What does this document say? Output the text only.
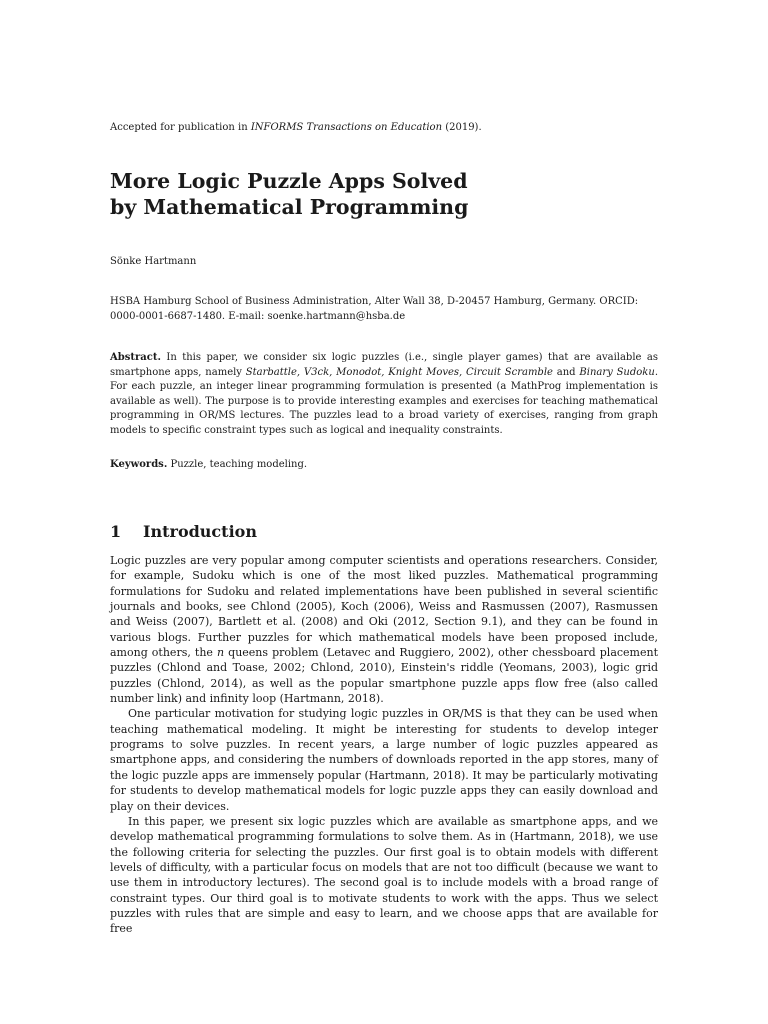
Accepted for publication in INFORMS Transactions on Education (2019).
More Logic Puzzle Apps Solved
by Mathematical Programming
Sönke Hartmann
HSBA Hamburg School of Business Administration, Alter Wall 38, D-20457 Hamburg, Germany. ORCID: 0000-0001-6687-1480. E-mail: soenke.hartmann@hsba.de
Abstract. In this paper, we consider six logic puzzles (i.e., single player games) that are available as smartphone apps, namely Starbattle, V3ck, Monodot, Knight Moves, Circuit Scramble and Binary Sudoku. For each puzzle, an integer linear programming formulation is presented (a MathProg implementation is available as well). The purpose is to provide interesting examples and exercises for teaching mathematical programming in OR/MS lectures. The puzzles lead to a broad variety of exercises, ranging from graph models to specific constraint types such as logical and inequality constraints.
Keywords. Puzzle, teaching modeling.
1 Introduction

Logic puzzles are very popular among computer scientists and operations researchers. Consider, for example, Sudoku which is one of the most liked puzzles. Mathematical programming formulations for Sudoku and related implementations have been published in several scientific journals and books, see Chlond (2005), Koch (2006), Weiss and Rasmussen (2007), Rasmussen and Weiss (2007), Bartlett et al. (2008) and Oki (2012, Section 9.1), and they can be found in various blogs. Further puzzles for which mathematical models have been proposed include, among others, the n queens problem (Letavec and Ruggiero, 2002), other chessboard placement puzzles (Chlond and Toase, 2002; Chlond, 2010), Einstein's riddle (Yeomans, 2003), logic grid puzzles (Chlond, 2014), as well as the popular smartphone puzzle apps flow free (also called number link) and infinity loop (Hartmann, 2018).

One particular motivation for studying logic puzzles in OR/MS is that they can be used when teaching mathematical modeling. It might be interesting for students to develop integer programs to solve puzzles. In recent years, a large number of logic puzzles appeared as smartphone apps, and considering the numbers of downloads reported in the app stores, many of the logic puzzle apps are immensely popular (Hartmann, 2018). It may be particularly motivating for students to develop mathematical models for logic puzzle apps they can easily download and play on their devices.

In this paper, we present six logic puzzles which are available as smartphone apps, and we develop mathematical programming formulations to solve them. As in (Hartmann, 2018), we use the following criteria for selecting the puzzles. Our first goal is to obtain models with different levels of difficulty, with a particular focus on models that are not too difficult (because we want to use them in introductory lectures). The second goal is to include models with a broad range of constraint types. Our third goal is to motivate students to work with the apps. Thus we select puzzles with rules that are simple and easy to learn, and we choose apps that are available for free
